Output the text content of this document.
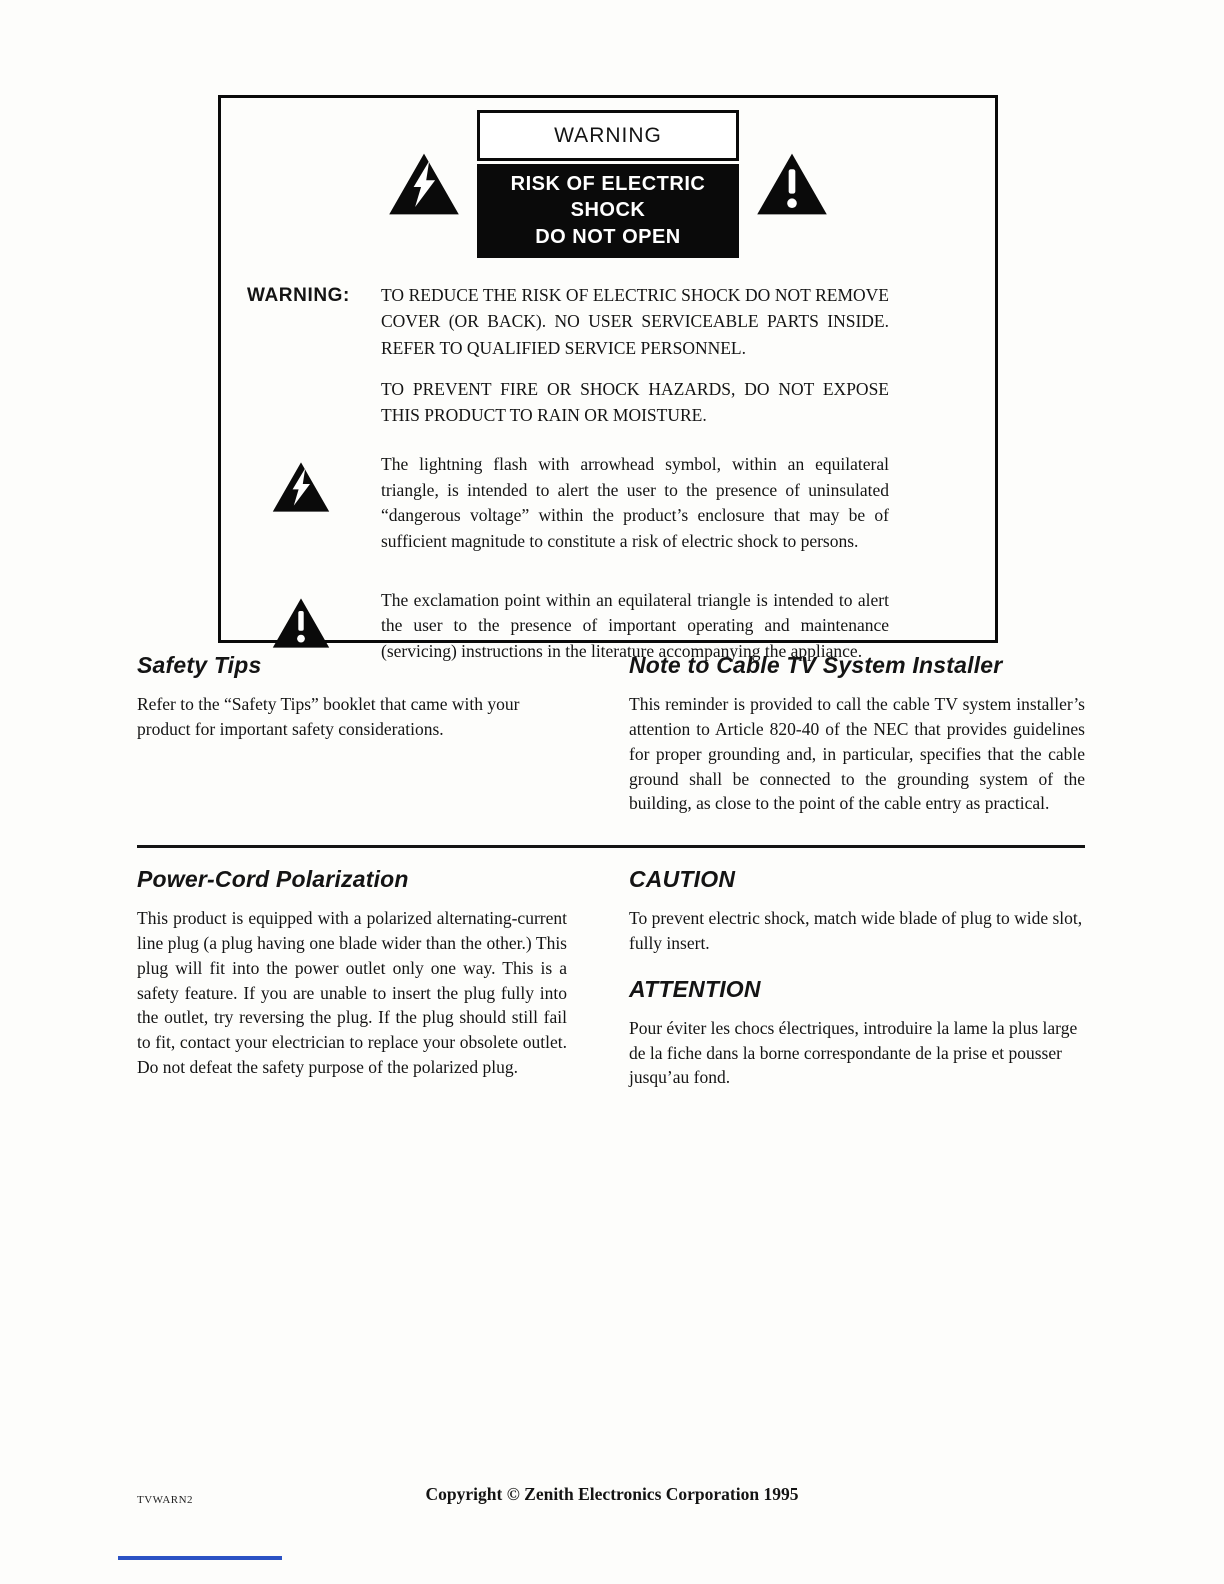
WARNING
RISK OF ELECTRIC SHOCK
DO NOT OPEN
WARNING:	TO REDUCE THE RISK OF ELECTRIC SHOCK DO NOT REMOVE COVER (OR BACK). NO USER SERVICEABLE PARTS INSIDE. REFER TO QUALIFIED SERVICE PERSONNEL.

TO PREVENT FIRE OR SHOCK HAZARDS, DO NOT EXPOSE THIS PRODUCT TO RAIN OR MOISTURE.

The lightning flash with arrowhead symbol, within an equilateral triangle, is intended to alert the user to the presence of uninsulated “dangerous voltage” within the product’s enclosure that may be of sufficient magnitude to constitute a risk of electric shock to persons.

The exclamation point within an equilateral triangle is intended to alert the user to the presence of important operating and maintenance (servicing) instructions in the literature accompanying the appliance.

Safety Tips

Refer to the “Safety Tips” booklet that came with your product for important safety considerations.

Note to Cable TV System Installer

This reminder is provided to call the cable TV system installer’s attention to Article 820-40 of the NEC that provides guidelines for proper grounding and, in particular, specifies that the cable ground shall be connected to the grounding system of the building, as close to the point of the cable entry as practical.

Power-Cord Polarization

This product is equipped with a polarized alternating-current line plug (a plug having one blade wider than the other.) This plug will fit into the power outlet only one way. This is a safety feature. If you are unable to insert the plug fully into the outlet, try reversing the plug. If the plug should still fail to fit, contact your electrician to replace your obsolete outlet. Do not defeat the safety purpose of the polarized plug.

CAUTION

To prevent electric shock, match wide blade of plug to wide slot, fully insert.

ATTENTION

Pour éviter les chocs électriques, introduire la lame la plus large de la fiche dans la borne correspondante de la prise et pousser jusqu’au fond.

TVWARN2	Copyright © Zenith Electronics Corporation 1995
